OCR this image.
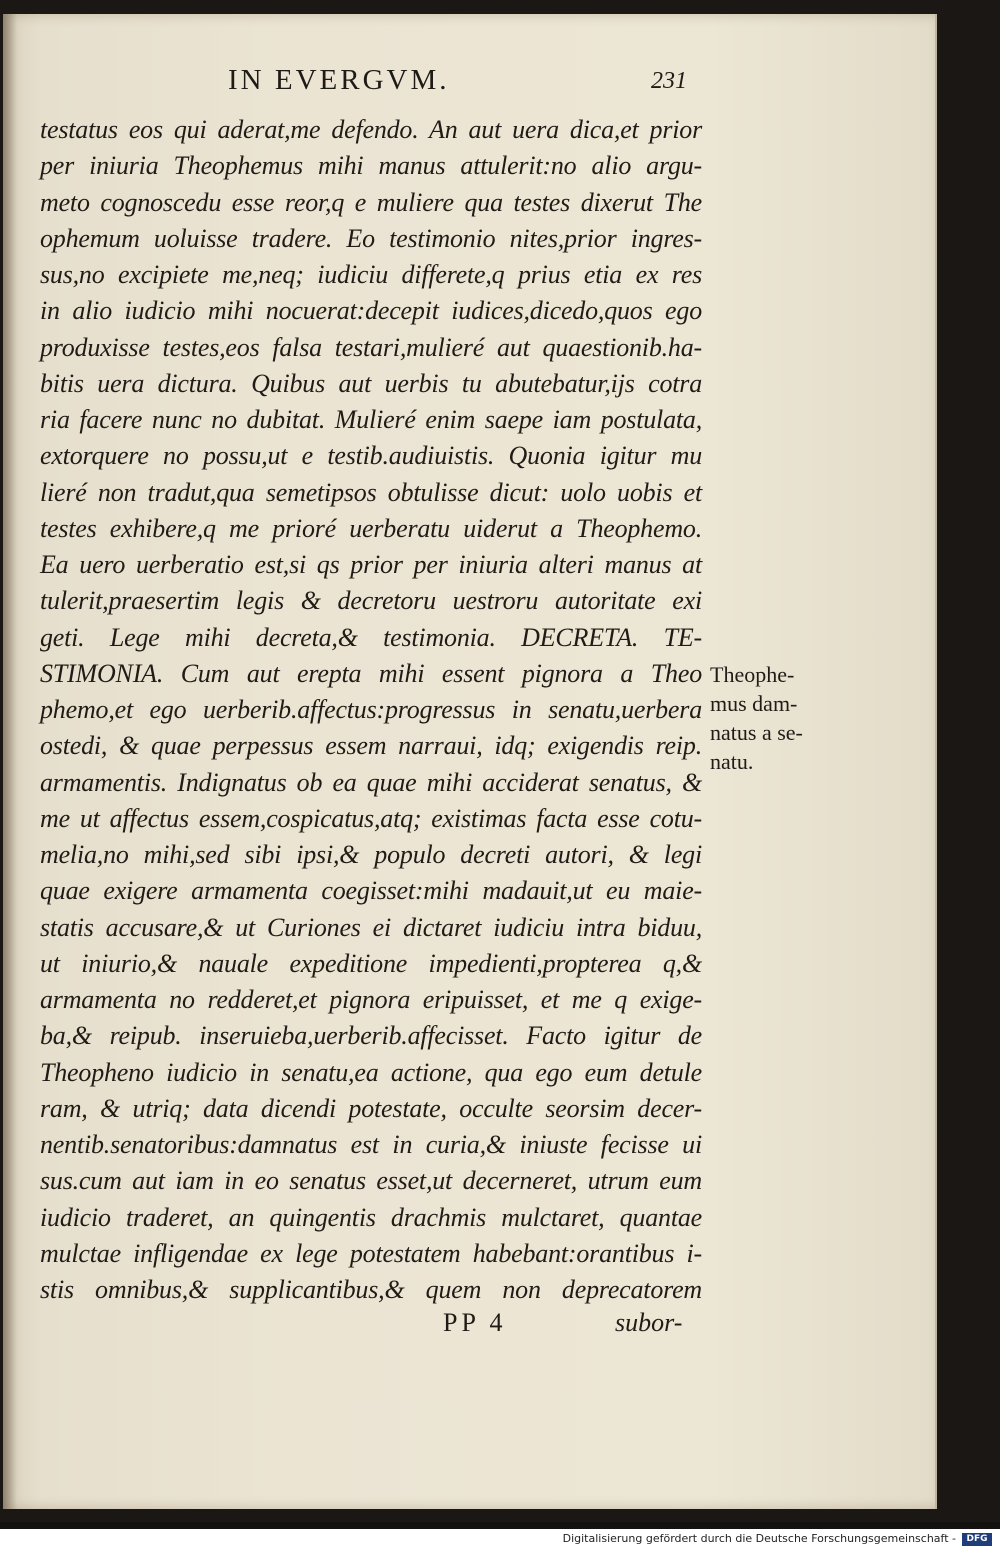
IN EVERGVM.	231
testatus eos qui aderat,me defendo. An aut uera dica,et prior
per iniuria Theophemus mihi manus attulerit:no alio argu-
meto cognoscedu esse reor,q e muliere qua testes dixerut The
ophemum uoluisse tradere. Eo testimonio nites,prior ingres-
sus,no excipiete me,neq; iudiciu differete,q prius etia ex res
in alio iudicio mihi nocuerat:decepit iudices,dicedo,quos ego
produxisse testes,eos falsa testari,mulieré aut quaestionib.ha-
bitis uera dictura. Quibus aut uerbis tu abutebatur,ijs cotra
ria facere nunc no dubitat. Mulieré enim saepe iam postulata,
extorquere no possu,ut e testib.audiuistis. Quonia igitur mu
lieré non tradut,qua semetipsos obtulisse dicut: uolo uobis et
testes exhibere,q me prioré uerberatu uiderut a Theophemo.
Ea uero uerberatio est,si qs prior per iniuria alteri manus at
tulerit,praesertim legis & decretoru uestroru autoritate exi
geti. Lege mihi decreta,& testimonia. DECRETA. TE-
STIMONIA. Cum aut erepta mihi essent pignora a Theo
phemo,et ego uerberib.affectus:progressus in senatu,uerbera
ostedi, & quae perpessus essem narraui, idq; exigendis reip.
armamentis. Indignatus ob ea quae mihi acciderat senatus, &
me ut affectus essem,cospicatus,atq; existimas facta esse cotu-
melia,no mihi,sed sibi ipsi,& populo decreti autori, & legi
quae exigere armamenta coegisset:mihi madauit,ut eu maie-
statis accusare,& ut Curiones ei dictaret iudiciu intra biduu,
ut iniurio,& nauale expeditione impedienti,propterea q,&
armamenta no redderet,et pignora eripuisset, et me q exige-
ba,& reipub. inseruieba,uerberib.affecisset. Facto igitur de
Theopheno iudicio in senatu,ea actione, qua ego eum detule
ram, & utriq; data dicendi potestate, occulte seorsim decer-
nentib.senatoribus:damnatus est in curia,& iniuste fecisse ui
sus.cum aut iam in eo senatus esset,ut decerneret, utrum eum
iudicio traderet, an quingentis drachmis mulctaret, quantae
mulctae infligendae ex lege potestatem habebant:orantibus i-
stis omnibus,& supplicantibus,& quem non deprecatorem
PP 4	subor-
Theophe-
mus dam-
natus a se-
natu.
Digitalisierung gefördert durch die Deutsche Forschungsgemeinschaft -	DFG
